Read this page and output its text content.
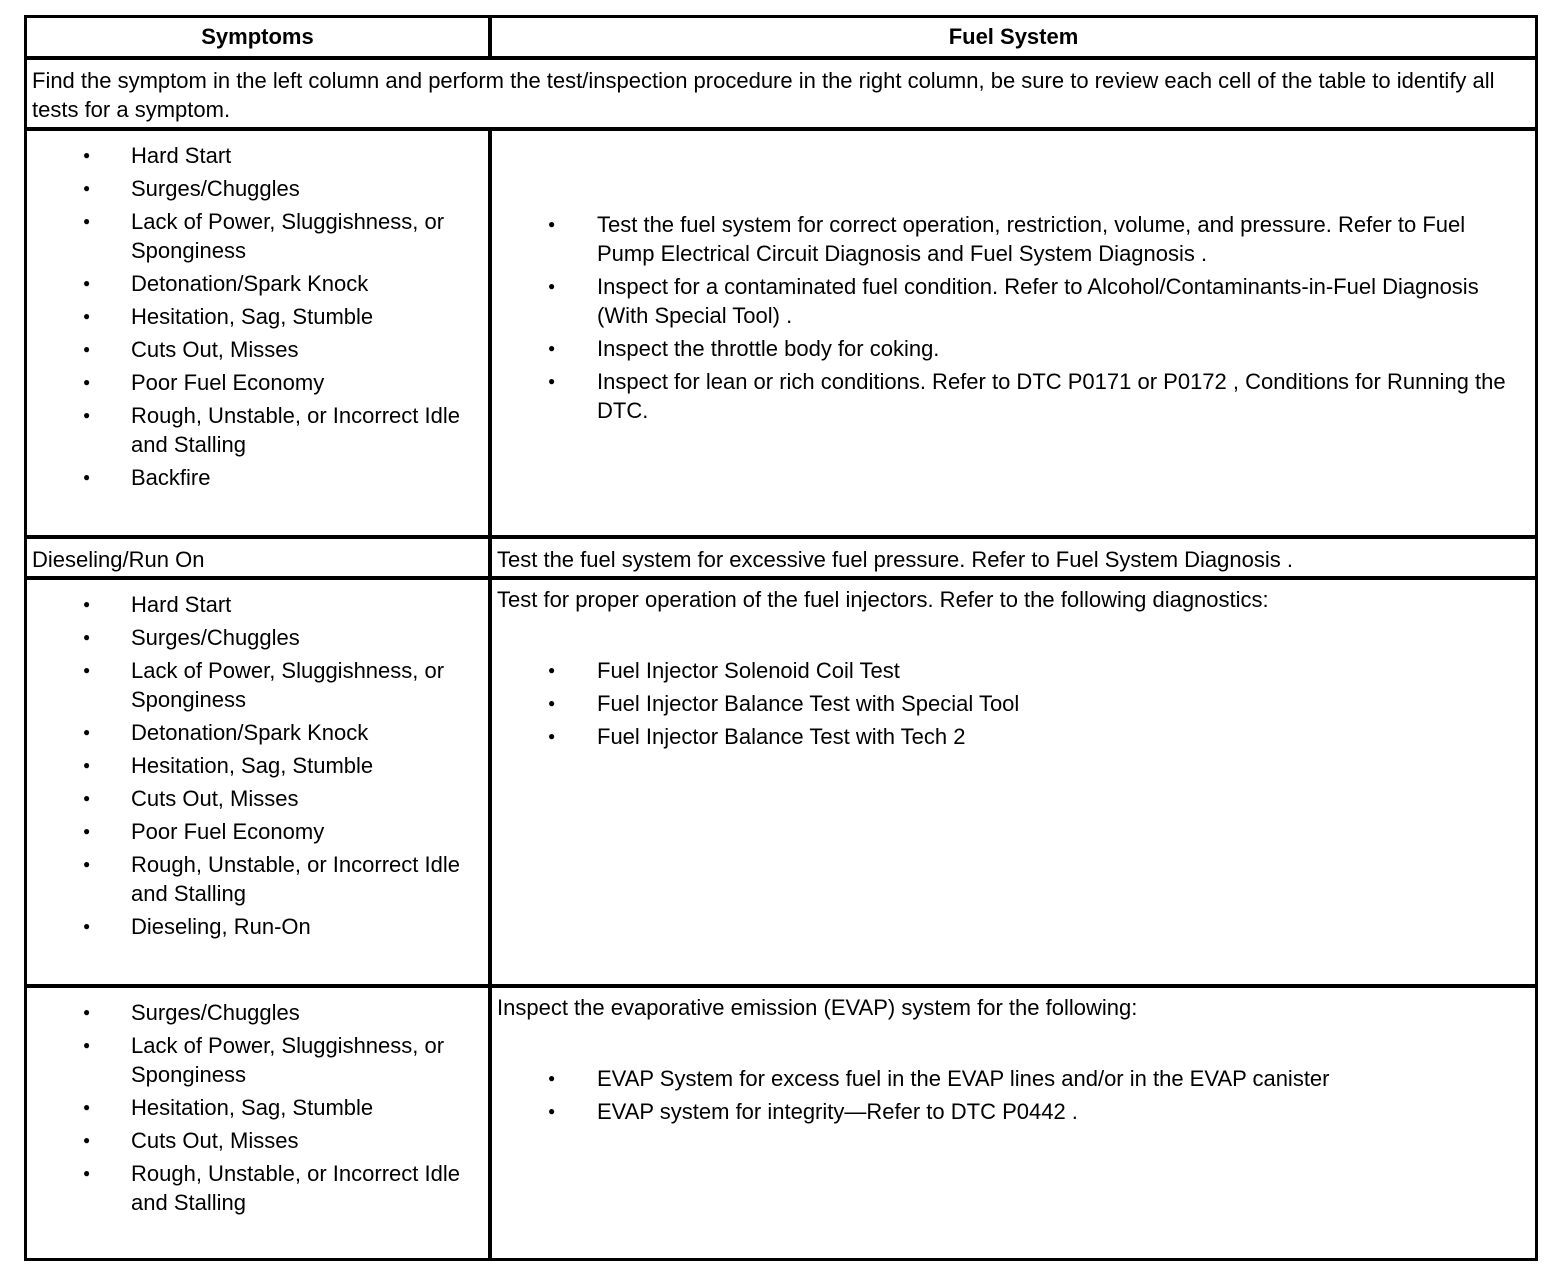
Symptoms	Fuel System
Find the symptom in the left column and perform the test/inspection procedure in the right column, be sure to review each cell of the table to identify all tests for a symptom.
● Hard Start
● Surges/Chuggles
● Lack of Power, Sluggishness, or Sponginess
● Detonation/Spark Knock
● Hesitation, Sag, Stumble
● Cuts Out, Misses
● Poor Fuel Economy
● Rough, Unstable, or Incorrect Idle and Stalling
● Backfire
● Test the fuel system for correct operation, restriction, volume, and pressure. Refer to Fuel Pump Electrical Circuit Diagnosis and Fuel System Diagnosis .
● Inspect for a contaminated fuel condition. Refer to Alcohol/Contaminants-in-Fuel Diagnosis (With Special Tool) .
● Inspect the throttle body for coking.
● Inspect for lean or rich conditions. Refer to DTC P0171 or P0172 , Conditions for Running the DTC.
Dieseling/Run On	Test the fuel system for excessive fuel pressure. Refer to Fuel System Diagnosis .
● Hard Start
● Surges/Chuggles
● Lack of Power, Sluggishness, or Sponginess
● Detonation/Spark Knock
● Hesitation, Sag, Stumble
● Cuts Out, Misses
● Poor Fuel Economy
● Rough, Unstable, or Incorrect Idle and Stalling
● Dieseling, Run-On
Test for proper operation of the fuel injectors. Refer to the following diagnostics:
● Fuel Injector Solenoid Coil Test
● Fuel Injector Balance Test with Special Tool
● Fuel Injector Balance Test with Tech 2
● Surges/Chuggles
● Lack of Power, Sluggishness, or Sponginess
● Hesitation, Sag, Stumble
● Cuts Out, Misses
● Rough, Unstable, or Incorrect Idle and Stalling
Inspect the evaporative emission (EVAP) system for the following:
● EVAP System for excess fuel in the EVAP lines and/or in the EVAP canister
● EVAP system for integrity—Refer to DTC P0442 .
